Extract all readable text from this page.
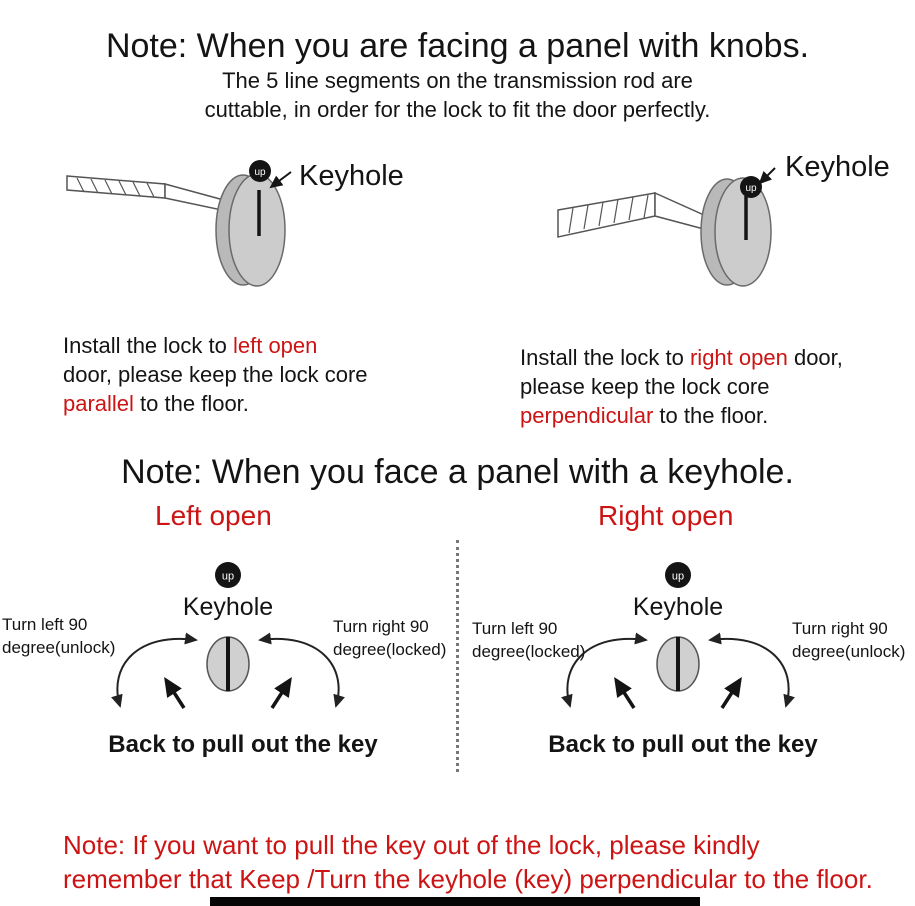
Note: When you are facing a panel with knobs.

The 5 line segments on the transmission rod are cuttable, in order for the lock to fit the door perfectly.

up Keyhole	up
Keyhole

Install the lock to left open door, please keep the lock core parallel to the floor.

Install the lock to right open door, please keep the lock core perpendicular to the floor.

Note: When you face a panel with a keyhole.
Left open	Right open
up
Keyhole
up
Keyhole
Turn left 90
degree(unlock)
Turn right 90
degree(locked)
Turn left 90
degree(locked)
Turn right 90
degree(unlock)
Back to pull out the key	Back to pull out the key

Note: If you want to pull the key out of the lock, please kindly remember that Keep /Turn the keyhole (key) perpendicular to the floor.
